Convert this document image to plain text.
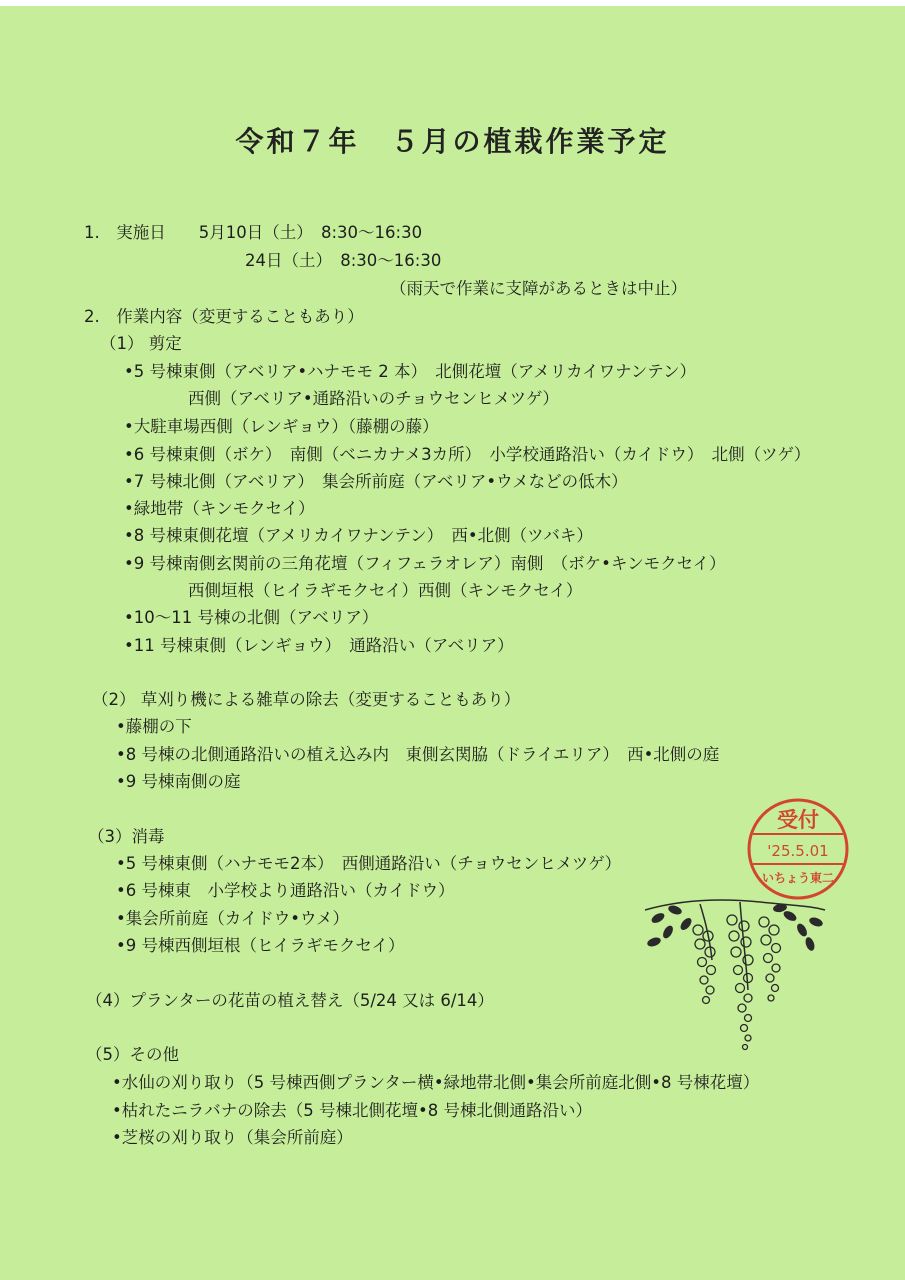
令和７年　５月の植栽作業予定
1.　実施日　　5月10日（土）　8:30〜16:30
24日（土）　8:30〜16:30
（雨天で作業に支障があるときは中止）
2.　作業内容（変更することもあり）
（1） 剪定
•5 号棟東側（アベリア•ハナモモ 2 本）　北側花壇（アメリカイワナンテン）
西側（アベリア•通路沿いのチョウセンヒメツゲ）
•大駐車場西側（レンギョウ）（藤棚の藤）
•6 号棟東側（ボケ）　南側（ベニカナメ3カ所）　小学校通路沿い（カイドウ）　北側（ツゲ）
•7 号棟北側（アベリア）　集会所前庭（アベリア•ウメなどの低木）
•緑地帯（キンモクセイ）
•8 号棟東側花壇（アメリカイワナンテン）　西•北側（ツバキ）
•9 号棟南側玄関前の三角花壇（フィフェラオレア）南側　（ボケ•キンモクセイ）
西側垣根（ヒイラギモクセイ）西側（キンモクセイ）
•10〜11 号棟の北側（アベリア）
•11 号棟東側（レンギョウ）　通路沿い（アベリア）
（2） 草刈り機による雑草の除去（変更することもあり）
•藤棚の下
•8 号棟の北側通路沿いの植え込み内　東側玄関脇（ドライエリア）　西•北側の庭
•9 号棟南側の庭
（3）消毒
•5 号棟東側（ハナモモ2本）　西側通路沿い（チョウセンヒメツゲ）
•6 号棟東　小学校より通路沿い（カイドウ）
•集会所前庭（カイドウ•ウメ）
•9 号棟西側垣根（ヒイラギモクセイ）
（4）プランターの花苗の植え替え（5/24 又は 6/14）
（5）その他
•水仙の刈り取り（5 号棟西側プランター横•緑地帯北側•集会所前庭北側•8 号棟花壇）
•枯れたニラバナの除去（5 号棟北側花壇•8 号棟北側通路沿い）
•芝桜の刈り取り（集会所前庭）
受付
'25.5.01
いちょう東二
